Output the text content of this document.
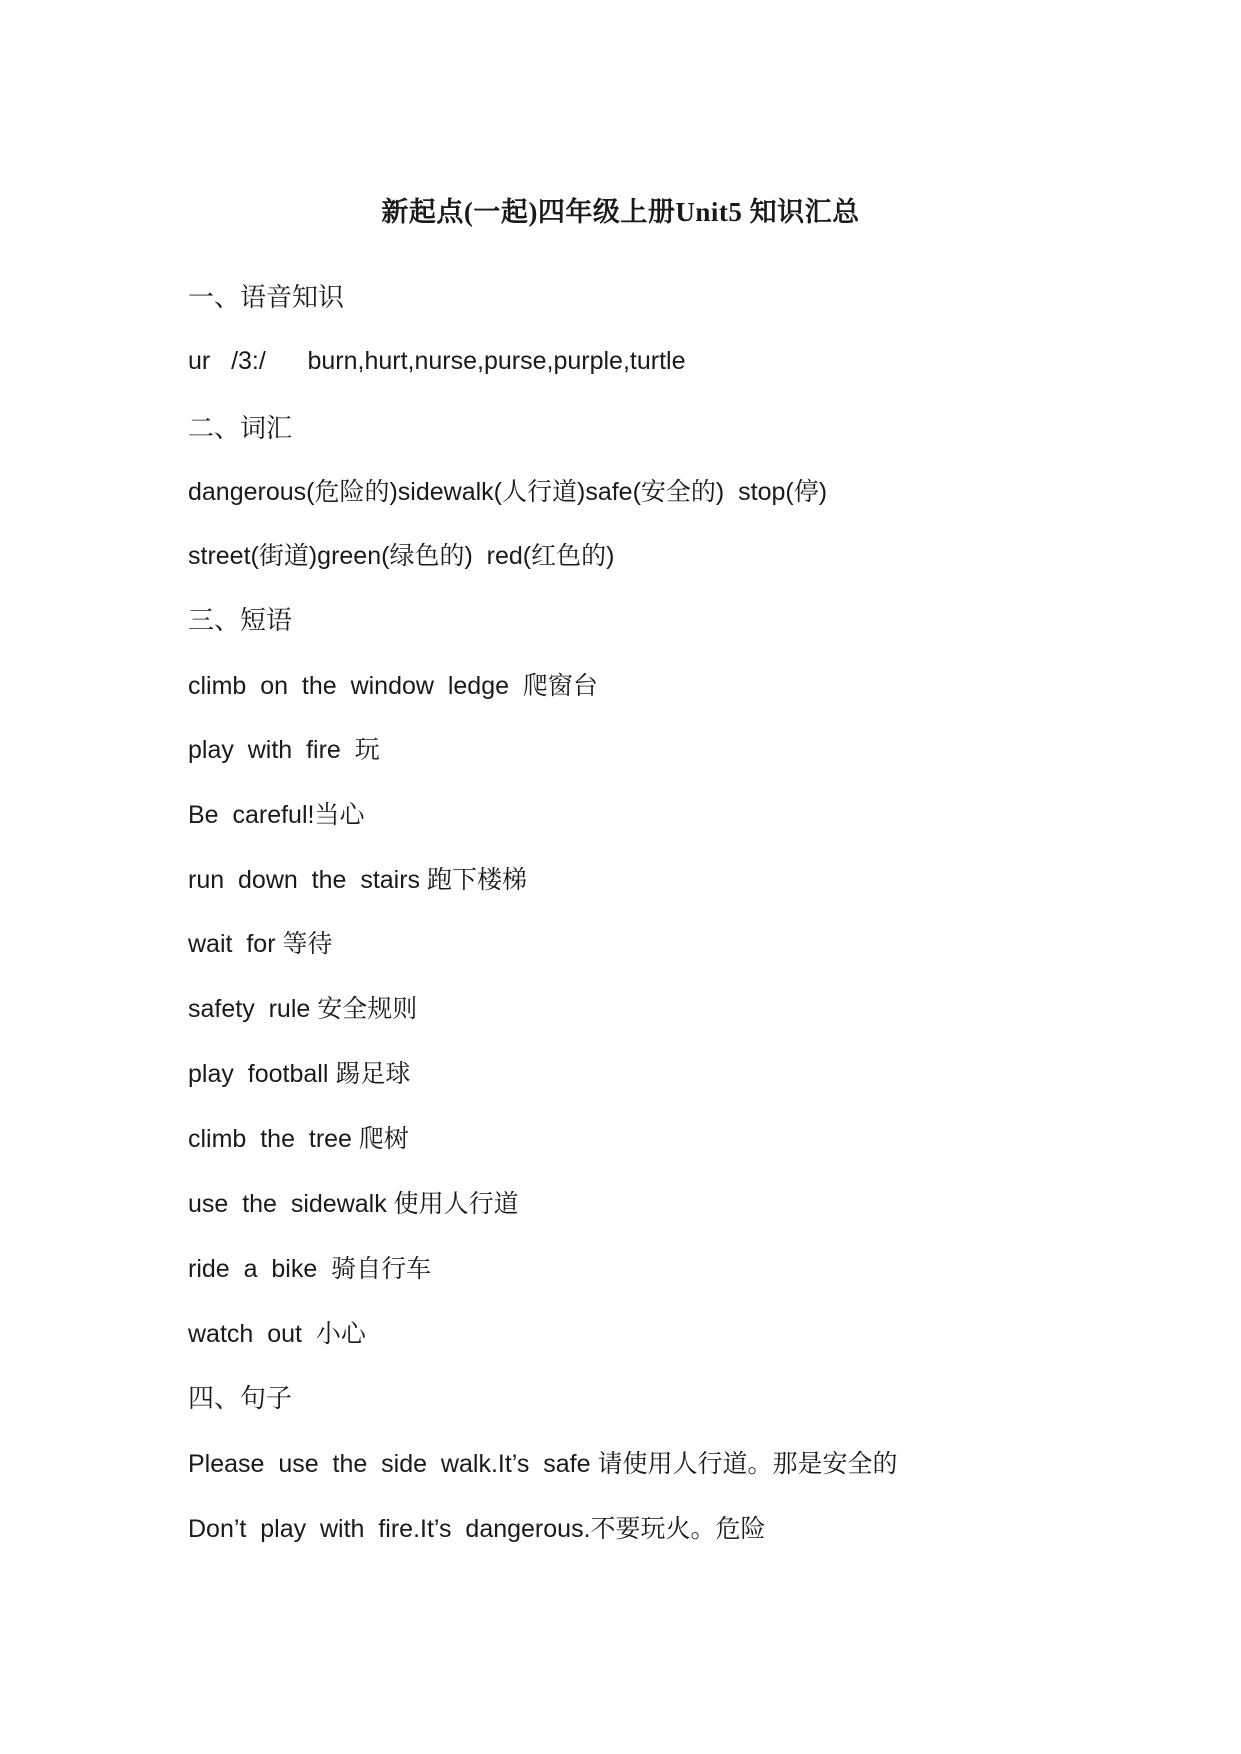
新起点(一起)四年级上册Unit5 知识汇总
一、语音知识
ur   /3:/      burn,hurt,nurse,purse,purple,turtle
二、词汇
dangerous(危险的)sidewalk(人行道)safe(安全的)  stop(停)
street(街道)green(绿色的)  red(红色的)
三、短语
climb  on  the  window  ledge  爬窗台
play  with  fire  玩
Be  careful!当心
run  down  the  stairs 跑下楼梯
wait  for 等待
safety  rule 安全规则
play  football 踢足球
climb  the  tree 爬树
use  the  sidewalk 使用人行道
ride  a  bike  骑自行车
watch  out  小心
四、句子
Please  use  the  side  walk.It’s  safe 请使用人行道。那是安全的
Don’t  play  with  fire.It’s  dangerous.不要玩火。危险
